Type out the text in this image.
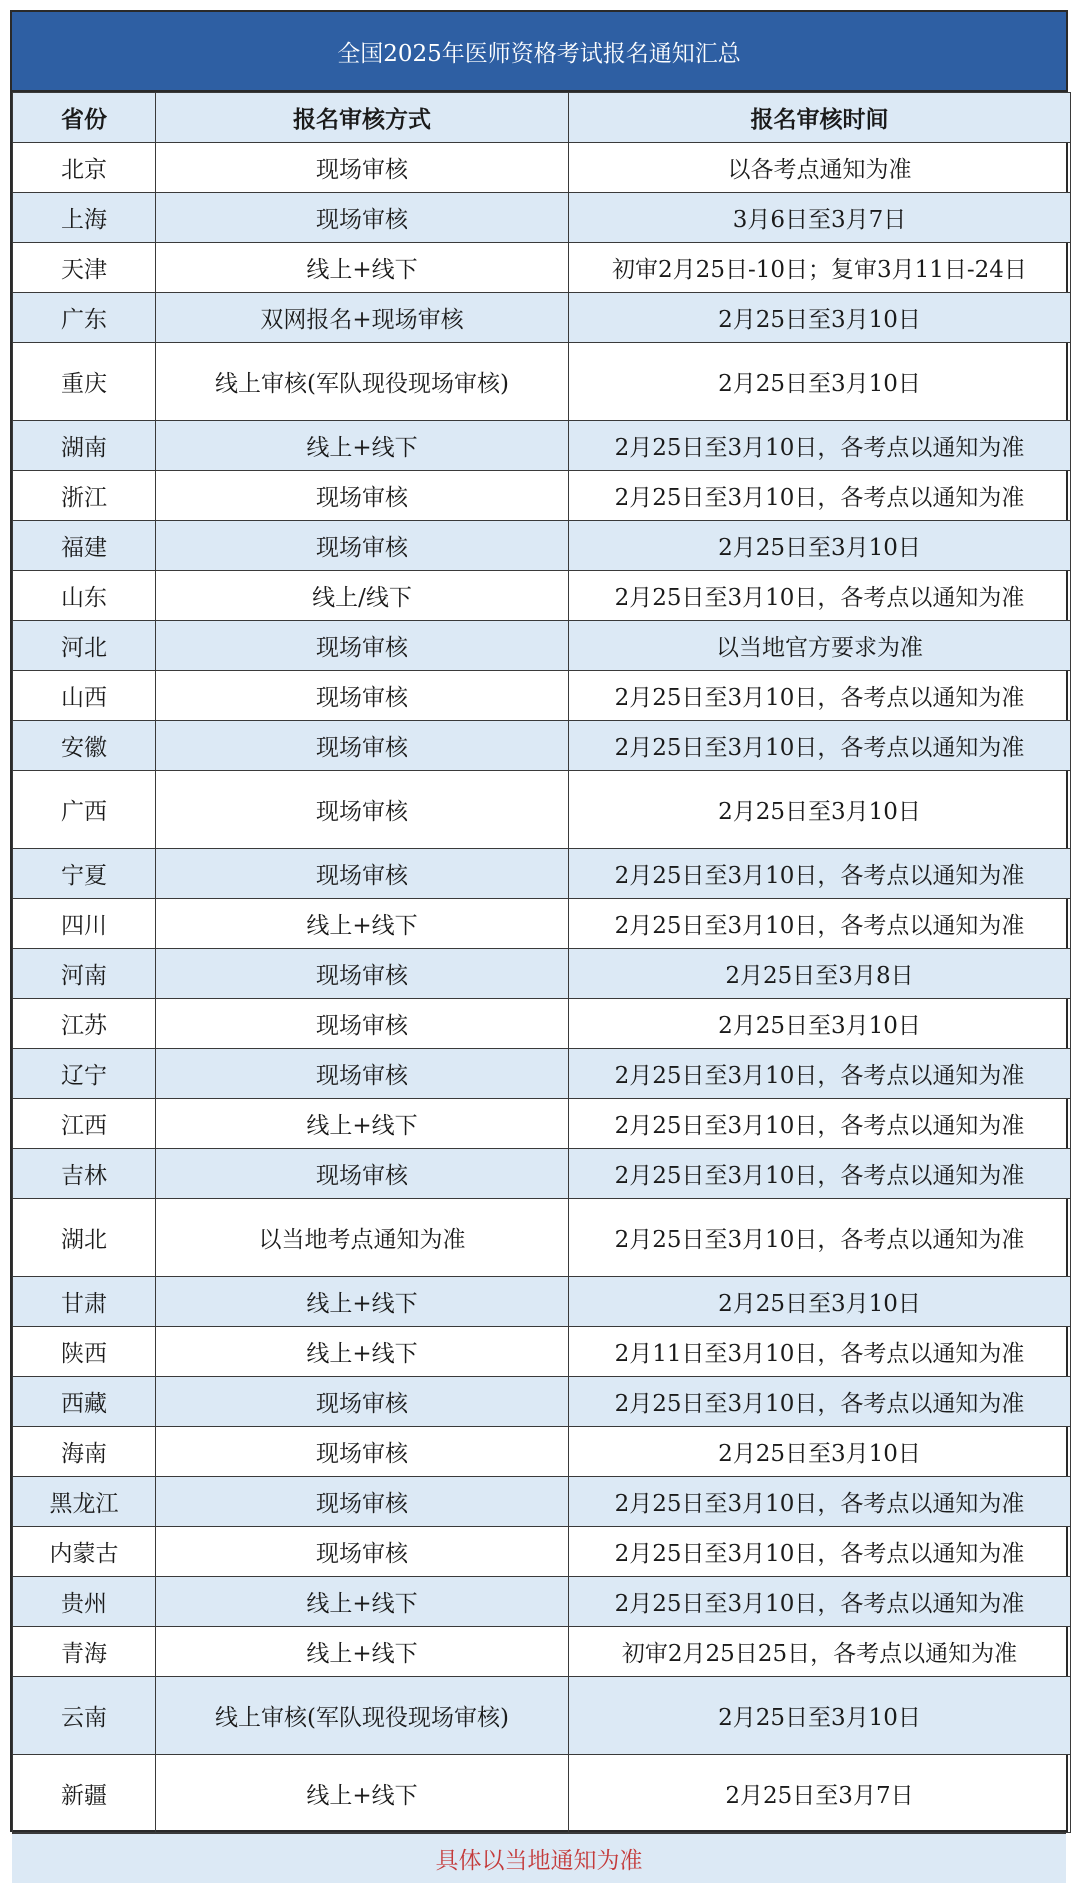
全国2025年医师资格考试报名通知汇总
省份	报名审核方式	报名审核时间
北京	现场审核	以各考点通知为准
上海	现场审核	3月6日至3月7日
天津	线上+线下	初审2月25日-10日；复审3月11日-24日
广东	双网报名+现场审核	2月25日至3月10日
重庆	线上审核(军队现役现场审核)	2月25日至3月10日
湖南	线上+线下	2月25日至3月10日，各考点以通知为准
浙江	现场审核	2月25日至3月10日，各考点以通知为准
福建	现场审核	2月25日至3月10日
山东	线上/线下	2月25日至3月10日，各考点以通知为准
河北	现场审核	以当地官方要求为准
山西	现场审核	2月25日至3月10日，各考点以通知为准
安徽	现场审核	2月25日至3月10日，各考点以通知为准
广西	现场审核	2月25日至3月10日
宁夏	现场审核	2月25日至3月10日，各考点以通知为准
四川	线上+线下	2月25日至3月10日，各考点以通知为准
河南	现场审核	2月25日至3月8日
江苏	现场审核	2月25日至3月10日
辽宁	现场审核	2月25日至3月10日，各考点以通知为准
江西	线上+线下	2月25日至3月10日，各考点以通知为准
吉林	现场审核	2月25日至3月10日，各考点以通知为准
湖北	以当地考点通知为准	2月25日至3月10日，各考点以通知为准
甘肃	线上+线下	2月25日至3月10日
陕西	线上+线下	2月11日至3月10日，各考点以通知为准
西藏	现场审核	2月25日至3月10日，各考点以通知为准
海南	现场审核	2月25日至3月10日
黑龙江	现场审核	2月25日至3月10日，各考点以通知为准
内蒙古	现场审核	2月25日至3月10日，各考点以通知为准
贵州	线上+线下	2月25日至3月10日，各考点以通知为准
青海	线上+线下	初审2月25日25日，各考点以通知为准
云南	线上审核(军队现役现场审核)	2月25日至3月10日
新疆	线上+线下	2月25日至3月7日
具体以当地通知为准
